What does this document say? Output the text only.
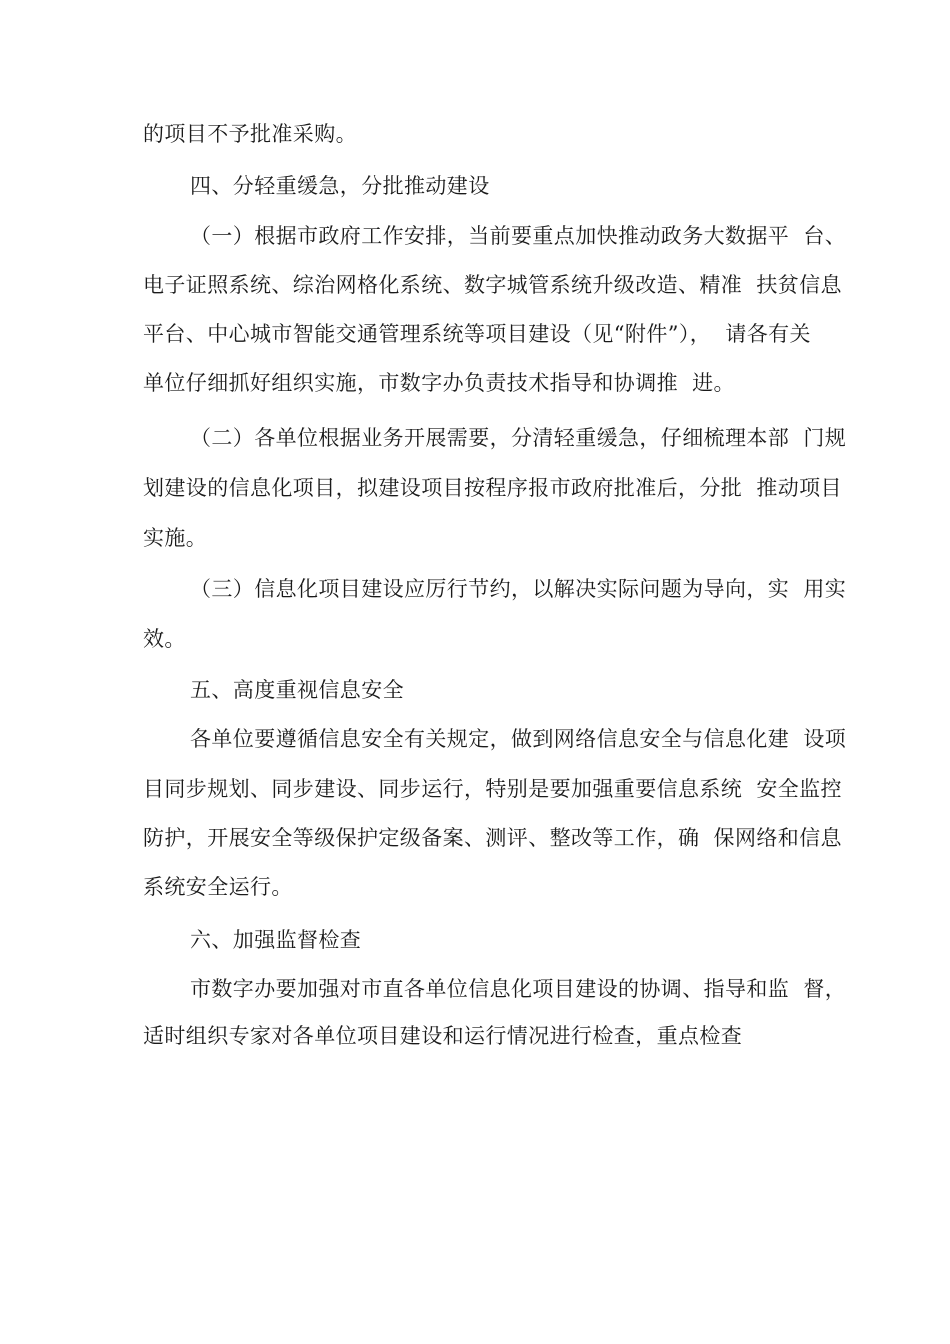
的项目不予批准采购。
四、分轻重缓急，分批推动建设
（一）根据市政府工作安排，当前要重点加快推动政务大数据平  台、
电子证照系统、综治网格化系统、数字城管系统升级改造、精准  扶贫信息
平台、中心城市智能交通管理系统等项目建设（见“附件”），  请各有关
单位仔细抓好组织实施，市数字办负责技术指导和协调推  进。
（二）各单位根据业务开展需要，分清轻重缓急，仔细梳理本部  门规
划建设的信息化项目，拟建设项目按程序报市政府批准后，分批  推动项目
实施。
（三）信息化项目建设应厉行节约，以解决实际问题为导向，实  用实
效。
五、高度重视信息安全
各单位要遵循信息安全有关规定，做到网络信息安全与信息化建  设项
目同步规划、同步建设、同步运行，特别是要加强重要信息系统  安全监控
防护，开展安全等级保护定级备案、测评、整改等工作，确  保网络和信息
系统安全运行。
六、加强监督检查
市数字办要加强对市直各单位信息化项目建设的协调、指导和监  督，
适时组织专家对各单位项目建设和运行情况进行检查，重点检查
